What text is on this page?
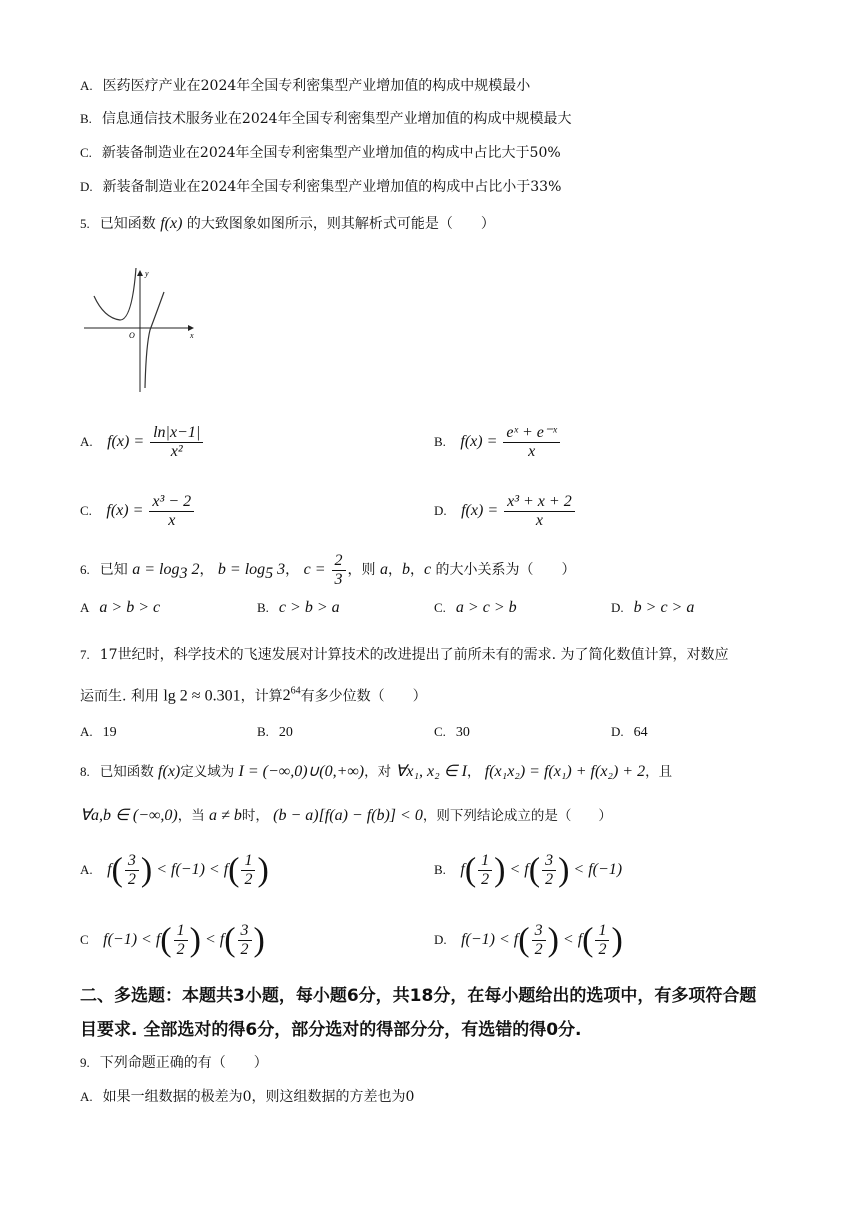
A. 医药医疗产业在2024年全国专利密集型产业增加值的构成中规模最小
B. 信息通信技术服务业在2024年全国专利密集型产业增加值的构成中规模最大
C. 新装备制造业在2024年全国专利密集型产业增加值的构成中占比大于50%
D. 新装备制造业在2024年全国专利密集型产业增加值的构成中占比小于33%
5. 已知函数 f(x) 的大致图象如图所示，则其解析式可能是（　　）
y
x
O
A. $f(x) = \frac{\ln|x-1|}{\text{x²}}$	B. $f(x) = \frac{\text{eˣ + e⁻ˣ}}{x}$
C. $f(x) = \frac{\text{x³ − 2}}{x}$	D. $f(x) = \frac{\text{x³ + x + 2}}{x}$
6. 已知 $a = \log_3 2$， $b = \log_5 3$， $c = \frac{2}{3}$ ，则 a，b，c 的大小关系为（　　）
A a > b > c	B. c > b > a	C. a > c > b	D. b > c > a
7. 17世纪时，科学技术的飞速发展对计算技术的改进提出了前所未有的需求. 为了简化数值计算，对数应
运而生. 利用 lg 2 ≈ 0.301，计算$2^{64}$有多少位数（　　）
A. 19	B. 20	C. 30	D. 64
8. 已知函数 f(x)定义域为 I = (−∞,0)∪(0,+∞)，对 ∀x₁, x₂ ∈ I， f(x₁x₂) = f(x₁) + f(x₂) + 2，且
∀a,b ∈ (−∞,0)，当 a ≠ b时， (b − a)[f(a) − f(b)] < 0，则下列结论成立的是（　　）
A. $f( \frac{3}{2}$ ) < $f(-1) < f( \frac{1}{2}$ )	B. $f( \frac{1}{2}$ ) < $f( \frac{3}{2}$ ) < f(−1)
C $f(-1) < f( \frac{1}{2}$ ) < $f( \frac{3}{2}$ )	D. $f(-1) < f( \frac{3}{2}$ ) < $f( \frac{1}{2}$ )
二、多选题：本题共3小题，每小题6分，共18分，在每小题给出的选项中，有多项符合题
目要求. 全部选对的得6分，部分选对的得部分分，有选错的得0分.
9. 下列命题正确的有（　　）
A. 如果一组数据的极差为0，则这组数据的方差也为0
